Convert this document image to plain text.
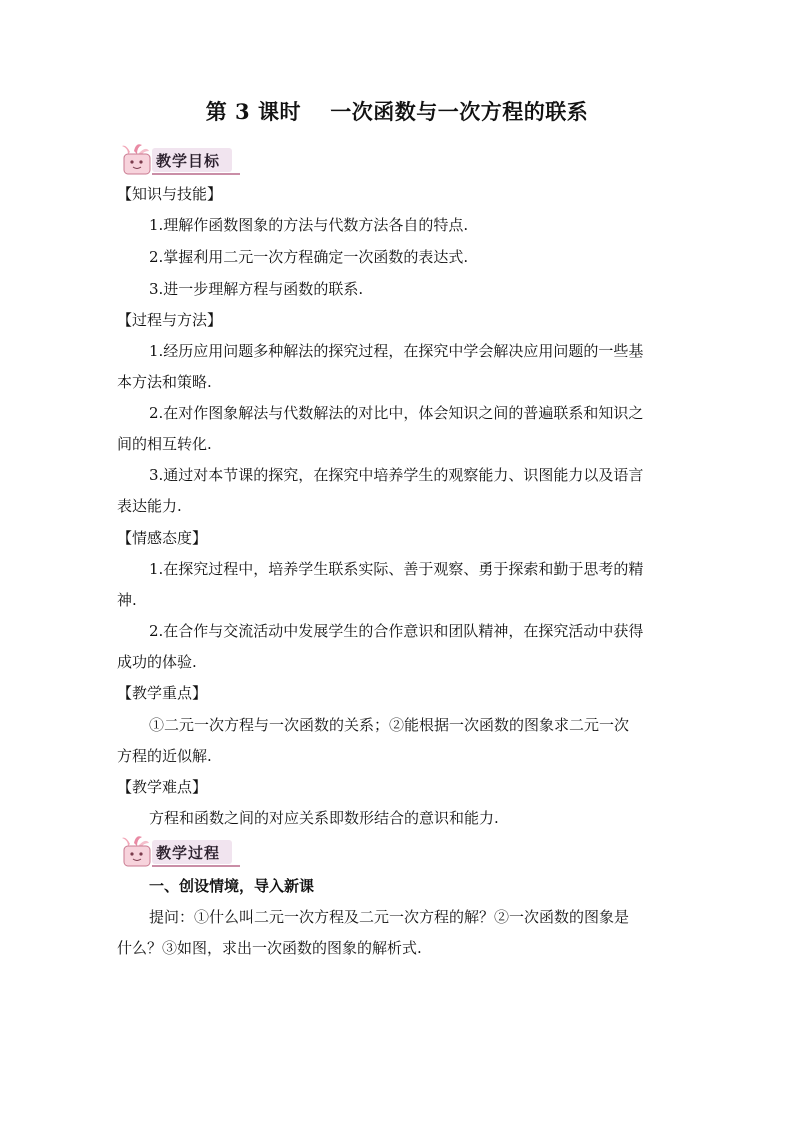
第 3 课时　 一次函数与一次方程的联系
教学目标

【知识与技能】

1.理解作函数图象的方法与代数方法各自的特点.

2.掌握利用二元一次方程确定一次函数的表达式.

3.进一步理解方程与函数的联系.

【过程与方法】

1.经历应用问题多种解法的探究过程，在探究中学会解决应用问题的一些基

本方法和策略.

2.在对作图象解法与代数解法的对比中，体会知识之间的普遍联系和知识之

间的相互转化.

3.通过对本节课的探究，在探究中培养学生的观察能力、识图能力以及语言

表达能力.

【情感态度】

1.在探究过程中，培养学生联系实际、善于观察、勇于探索和勤于思考的精

神.

2.在合作与交流活动中发展学生的合作意识和团队精神，在探究活动中获得

成功的体验.

【教学重点】

①二元一次方程与一次函数的关系；②能根据一次函数的图象求二元一次

方程的近似解.

【教学难点】

方程和函数之间的对应关系即数形结合的意识和能力.

教学过程

一、创设情境，导入新课

提问：①什么叫二元一次方程及二元一次方程的解？②一次函数的图象是

什么？③如图，求出一次函数的图象的解析式.
